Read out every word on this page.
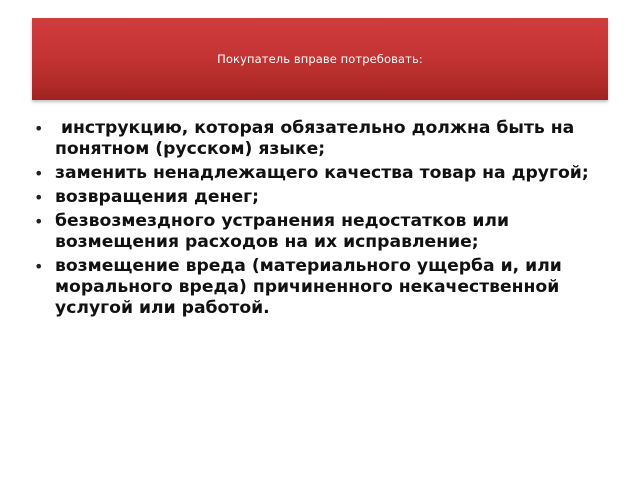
Покупатель вправе потребовать:
• инструкцию, которая обязательно должна быть на понятном (русском) языке;
• заменить ненадлежащего качества товар на другой;
• возвращения денег;
• безвозмездного устранения недостатков или возмещения расходов на их исправление;
• возмещение вреда (материального ущерба и, или морального вреда) причиненного некачественной услугой или работой.
